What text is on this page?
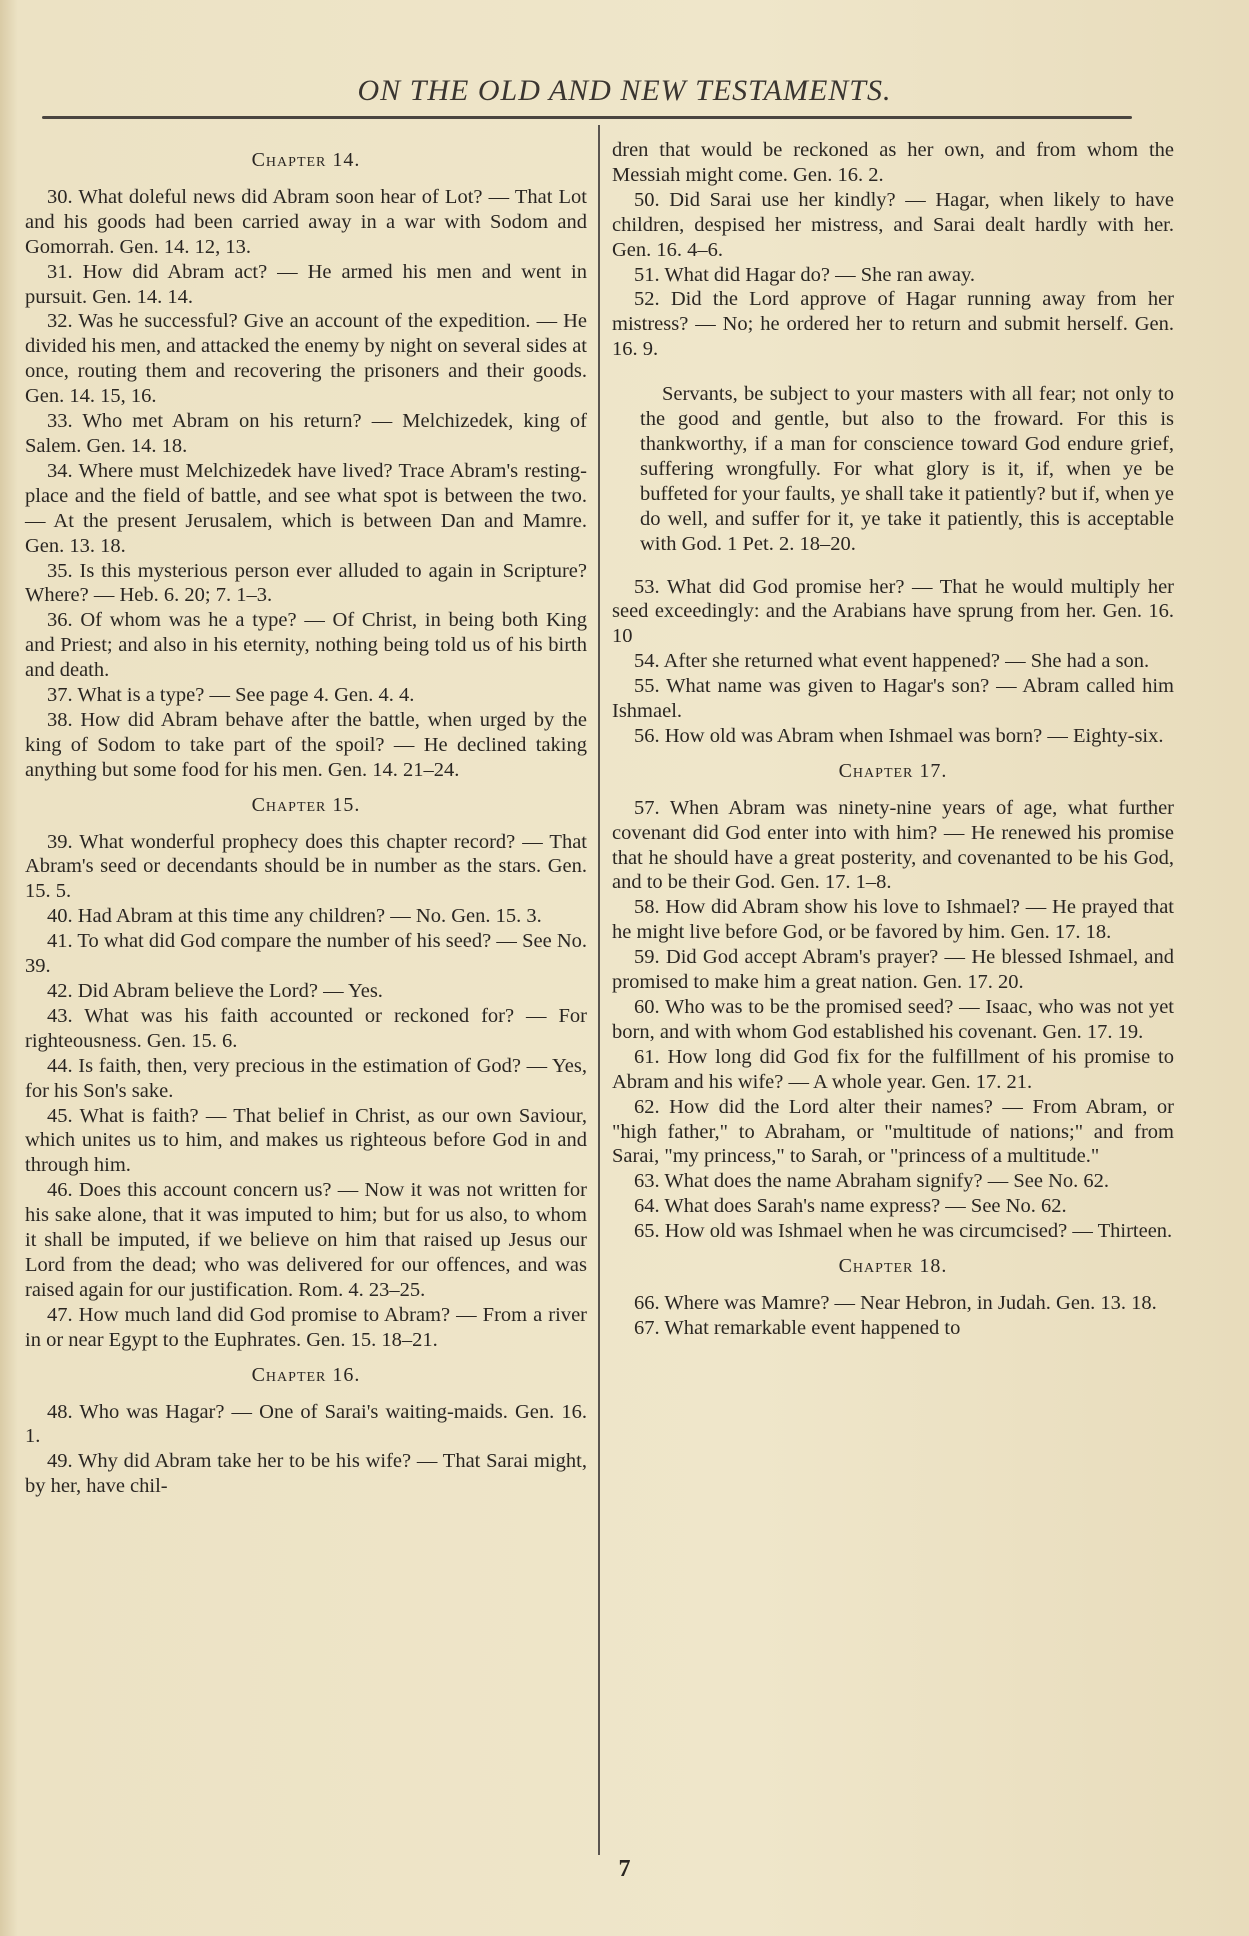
ON THE OLD AND NEW TESTAMENTS.
Chapter 14.

30. What doleful news did Abram soon hear of Lot? — That Lot and his goods had been carried away in a war with Sodom and Gomorrah. Gen. 14. 12, 13.

31. How did Abram act? — He armed his men and went in pursuit. Gen. 14. 14.

32. Was he successful? Give an account of the expedition. — He divided his men, and attacked the enemy by night on several sides at once, routing them and recovering the prisoners and their goods. Gen. 14. 15, 16.

33. Who met Abram on his return? — Melchizedek, king of Salem. Gen. 14. 18.

34. Where must Melchizedek have lived? Trace Abram's resting-place and the field of battle, and see what spot is between the two. — At the present Jerusalem, which is between Dan and Mamre. Gen. 13. 18.

35. Is this mysterious person ever alluded to again in Scripture? Where? — Heb. 6. 20; 7. 1–3.

36. Of whom was he a type? — Of Christ, in being both King and Priest; and also in his eternity, nothing being told us of his birth and death.

37. What is a type? — See page 4. Gen. 4. 4.

38. How did Abram behave after the battle, when urged by the king of Sodom to take part of the spoil? — He declined taking anything but some food for his men. Gen. 14. 21–24.

Chapter 15.

39. What wonderful prophecy does this chapter record? — That Abram's seed or decendants should be in number as the stars. Gen. 15. 5.

40. Had Abram at this time any children? — No. Gen. 15. 3.

41. To what did God compare the number of his seed? — See No. 39.

42. Did Abram believe the Lord? — Yes.

43. What was his faith accounted or reckoned for? — For righteousness. Gen. 15. 6.

44. Is faith, then, very precious in the estimation of God? — Yes, for his Son's sake.

45. What is faith? — That belief in Christ, as our own Saviour, which unites us to him, and makes us righteous before God in and through him.

46. Does this account concern us? — Now it was not written for his sake alone, that it was imputed to him; but for us also, to whom it shall be imputed, if we believe on him that raised up Jesus our Lord from the dead; who was delivered for our offences, and was raised again for our justification. Rom. 4. 23–25.

47. How much land did God promise to Abram? — From a river in or near Egypt to the Euphrates. Gen. 15. 18–21.

Chapter 16.

48. Who was Hagar? — One of Sarai's waiting-maids. Gen. 16. 1.

49. Why did Abram take her to be his wife? — That Sarai might, by her, have chil-

dren that would be reckoned as her own, and from whom the Messiah might come. Gen. 16. 2.

50. Did Sarai use her kindly? — Hagar, when likely to have children, despised her mistress, and Sarai dealt hardly with her. Gen. 16. 4–6.

51. What did Hagar do? — She ran away.

52. Did the Lord approve of Hagar running away from her mistress? — No; he ordered her to return and submit herself. Gen. 16. 9.

Servants, be subject to your masters with all fear; not only to the good and gentle, but also to the froward. For this is thankworthy, if a man for conscience toward God endure grief, suffering wrongfully. For what glory is it, if, when ye be buffeted for your faults, ye shall take it patiently? but if, when ye do well, and suffer for it, ye take it patiently, this is acceptable with God. 1 Pet. 2. 18–20.

53. What did God promise her? — That he would multiply her seed exceedingly: and the Arabians have sprung from her. Gen. 16. 10

54. After she returned what event happened? — She had a son.

55. What name was given to Hagar's son? — Abram called him Ishmael.

56. How old was Abram when Ishmael was born? — Eighty-six.

Chapter 17.

57. When Abram was ninety-nine years of age, what further covenant did God enter into with him? — He renewed his promise that he should have a great posterity, and covenanted to be his God, and to be their God. Gen. 17. 1–8.

58. How did Abram show his love to Ishmael? — He prayed that he might live before God, or be favored by him. Gen. 17. 18.

59. Did God accept Abram's prayer? — He blessed Ishmael, and promised to make him a great nation. Gen. 17. 20.

60. Who was to be the promised seed? — Isaac, who was not yet born, and with whom God established his covenant. Gen. 17. 19.

61. How long did God fix for the fulfillment of his promise to Abram and his wife? — A whole year. Gen. 17. 21.

62. How did the Lord alter their names? — From Abram, or "high father," to Abraham, or "multitude of nations;" and from Sarai, "my princess," to Sarah, or "princess of a multitude."

63. What does the name Abraham signify? — See No. 62.

64. What does Sarah's name express? — See No. 62.

65. How old was Ishmael when he was circumcised? — Thirteen.

Chapter 18.

66. Where was Mamre? — Near Hebron, in Judah. Gen. 13. 18.

67. What remarkable event happened to

7
